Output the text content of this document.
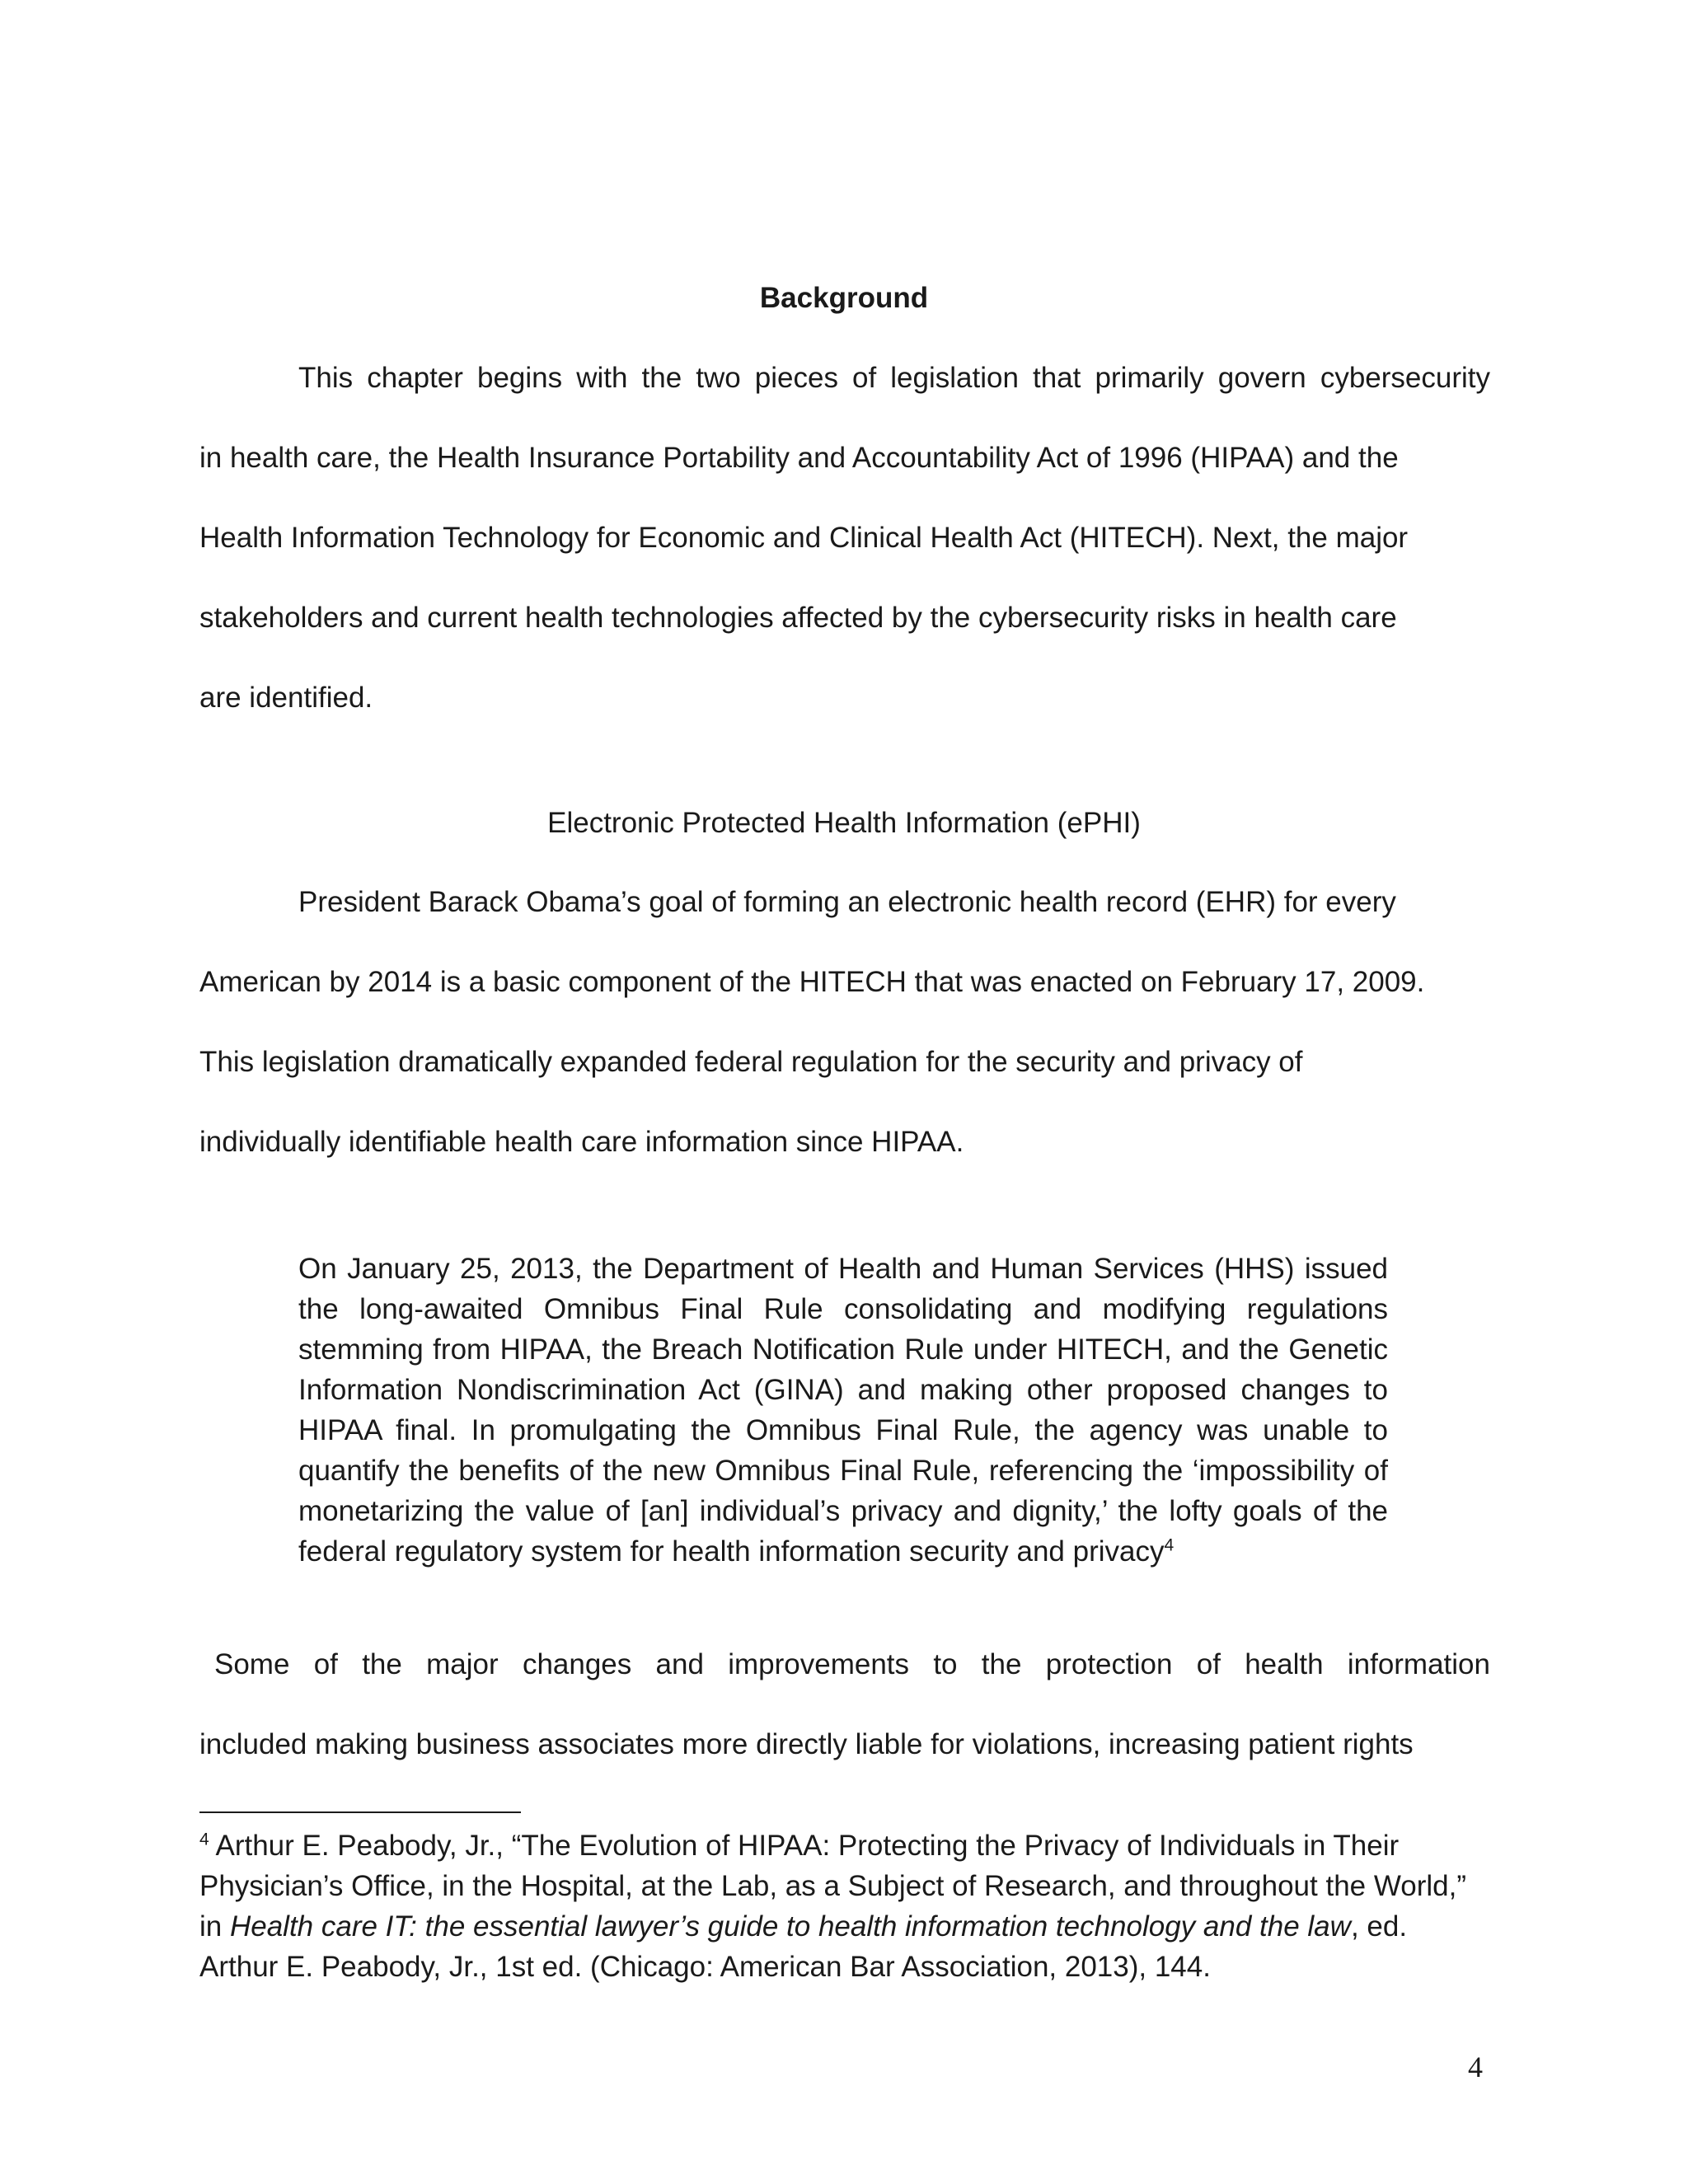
Background
This chapter begins with the two pieces of legislation that primarily govern cybersecurity
in health care, the Health Insurance Portability and Accountability Act of 1996 (HIPAA) and the
Health Information Technology for Economic and Clinical Health Act (HITECH). Next, the major
stakeholders and current health technologies affected by the cybersecurity risks in health care
are identified.
Electronic Protected Health Information (ePHI)
President Barack Obama’s goal of forming an electronic health record (EHR) for every
American by 2014 is a basic component of the HITECH that was enacted on February 17, 2009.
This legislation dramatically expanded federal regulation for the security and privacy of
individually identifiable health care information since HIPAA.
On January 25, 2013, the Department of Health and Human Services (HHS) issued the long-awaited Omnibus Final Rule consolidating and modifying regulations stemming from HIPAA, the Breach Notification Rule under HITECH, and the Genetic Information Nondiscrimination Act (GINA) and making other proposed changes to HIPAA final. In promulgating the Omnibus Final Rule, the agency was unable to quantify the benefits of the new Omnibus Final Rule, referencing the ‘impossibility of monetarizing the value of [an] individual’s privacy and dignity,’ the lofty goals of the federal regulatory system for health information security and privacy$^4$
Some of the major changes and improvements to the protection of health information
included making business associates more directly liable for violations, increasing patient rights
$^4$ Arthur E. Peabody, Jr., “The Evolution of HIPAA: Protecting the Privacy of Individuals in Their Physician’s Office, in the Hospital, at the Lab, as a Subject of Research, and throughout the World,” in Health care IT: the essential lawyer’s guide to health information technology and the law, ed. Arthur E. Peabody, Jr., 1st ed. (Chicago: American Bar Association, 2013), 144.
4
